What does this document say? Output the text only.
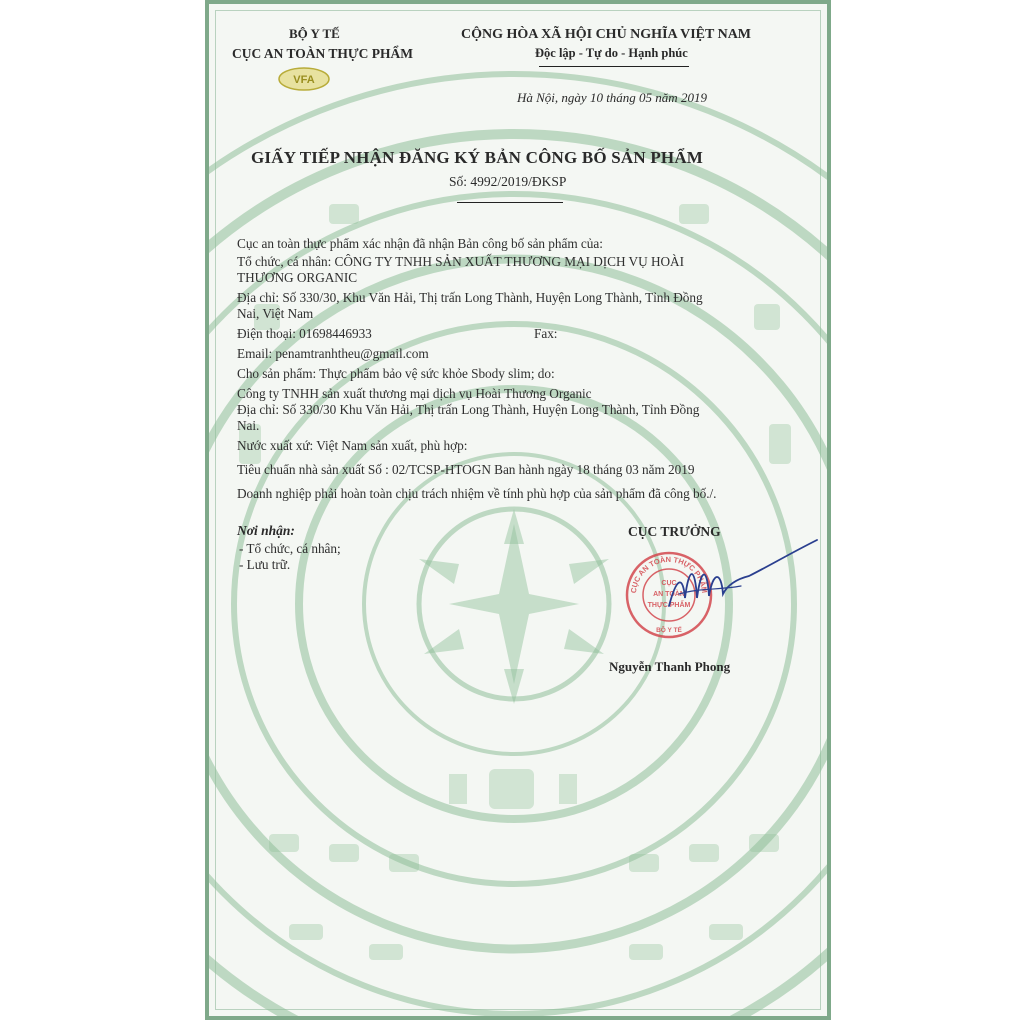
BỘ Y TẾ
CỤC AN TOÀN THỰC PHẨM
VFA
CỘNG HÒA XÃ HỘI CHỦ NGHĨA VIỆT NAM
Độc lập - Tự do - Hạnh phúc
Hà Nội, ngày 10 tháng 05 năm 2019
GIẤY TIẾP NHẬN ĐĂNG KÝ BẢN CÔNG BỐ SẢN PHẨM
Số: 4992/2019/ĐKSP
Cục an toàn thực phẩm xác nhận đã nhận Bản công bố sản phẩm của:
Tổ chức, cá nhân: CÔNG TY TNHH SẢN XUẤT THƯƠNG MẠI DỊCH VỤ HOÀI
THƯƠNG ORGANIC
Địa chỉ: Số 330/30, Khu Văn Hải, Thị trấn Long Thành, Huyện Long Thành, Tỉnh Đồng
Nai, Việt Nam
Điện thoại: 01698446933	Fax:
Email: penamtranhtheu@gmail.com
Cho sản phẩm: Thực phẩm bảo vệ sức khỏe Sbody slim; do:
Công ty TNHH sản xuất thương mại dịch vụ Hoài Thương Organic
Địa chỉ: Số 330/30 Khu Văn Hải, Thị trấn Long Thành, Huyện Long Thành, Tỉnh Đồng
Nai.
Nước xuất xứ: Việt Nam sản xuất, phù hợp:
Tiêu chuẩn nhà sản xuất Số : 02/TCSP-HTOGN Ban hành ngày 18 tháng 03 năm 2019
Doanh nghiệp phải hoàn toàn chịu trách nhiệm về tính phù hợp của sản phẩm đã công bố./.
Nơi nhận:
- Tổ chức, cá nhân;
- Lưu trữ.
CỤC TRƯỞNG
CỤC AN TOÀN THỰC PHẨM
CỤC
AN TOÀN
THỰC PHẨM
BỘ Y TẾ
Nguyễn Thanh Phong
